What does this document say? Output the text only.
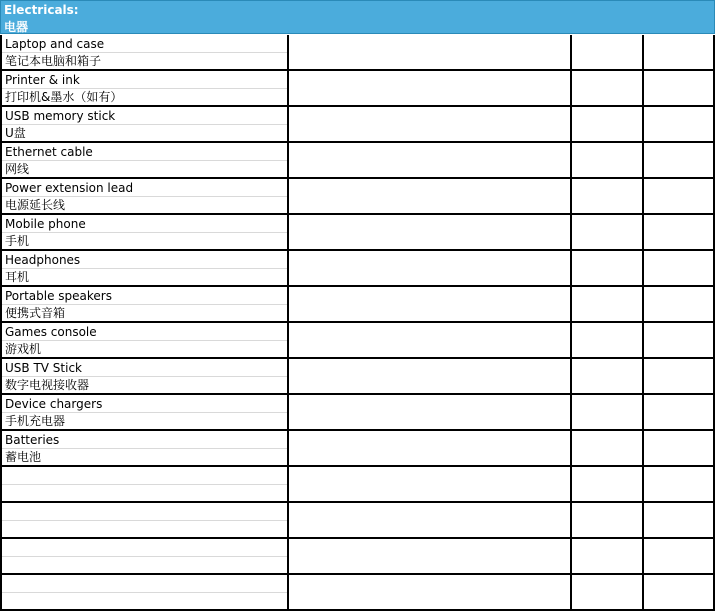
Electricals:
电器
Laptop and case
笔记本电脑和箱子
Printer & ink
打印机&墨水（如有）
USB memory stick
U盘
Ethernet cable
网线
Power extension lead
电源延长线
Mobile phone
手机
Headphones
耳机
Portable speakers
便携式音箱
Games console
游戏机
USB TV Stick
数字电视接收器
Device chargers
手机充电器
Batteries
蓄电池
